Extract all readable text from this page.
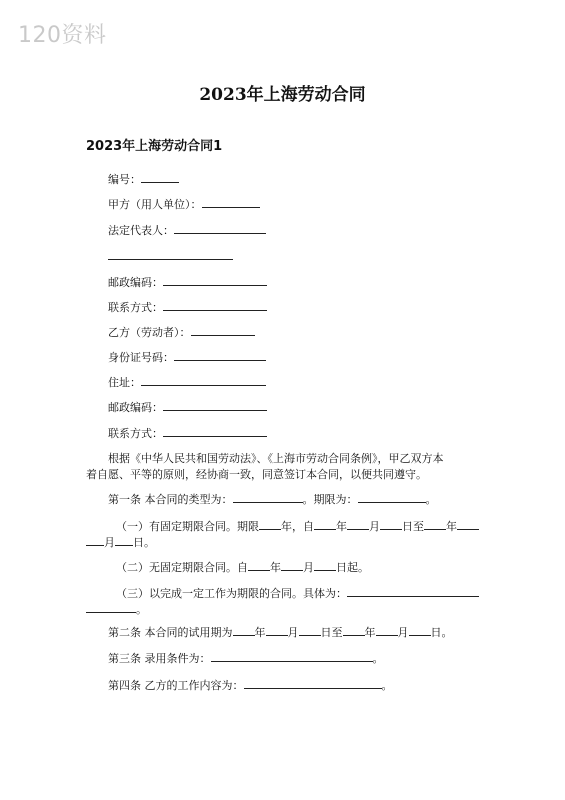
120资料
2023年上海劳动合同
2023年上海劳动合同1
编号：
甲方（用人单位）：
法定代表人：
邮政编码：
联系方式：
乙方（劳动者）：
身份证号码：
住址：
邮政编码：
联系方式：
根据《中华人民共和国劳动法》、《上海市劳动合同条例》，甲乙双方本
着自愿、平等的原则，经协商一致，同意签订本合同，以便共同遵守。
第一条 本合同的类型为：	。期限为：	。
（一）有固定期限合同。期限 年，自 年 月 日至 年
月 日。
（二）无固定期限合同。自 年 月 日起。
（三）以完成一定工作为期限的合同。具体为：
。
第二条 本合同的试用期为 年 月 日至 年 月 日。
第三条 录用条件为：	。
第四条 乙方的工作内容为：	。
